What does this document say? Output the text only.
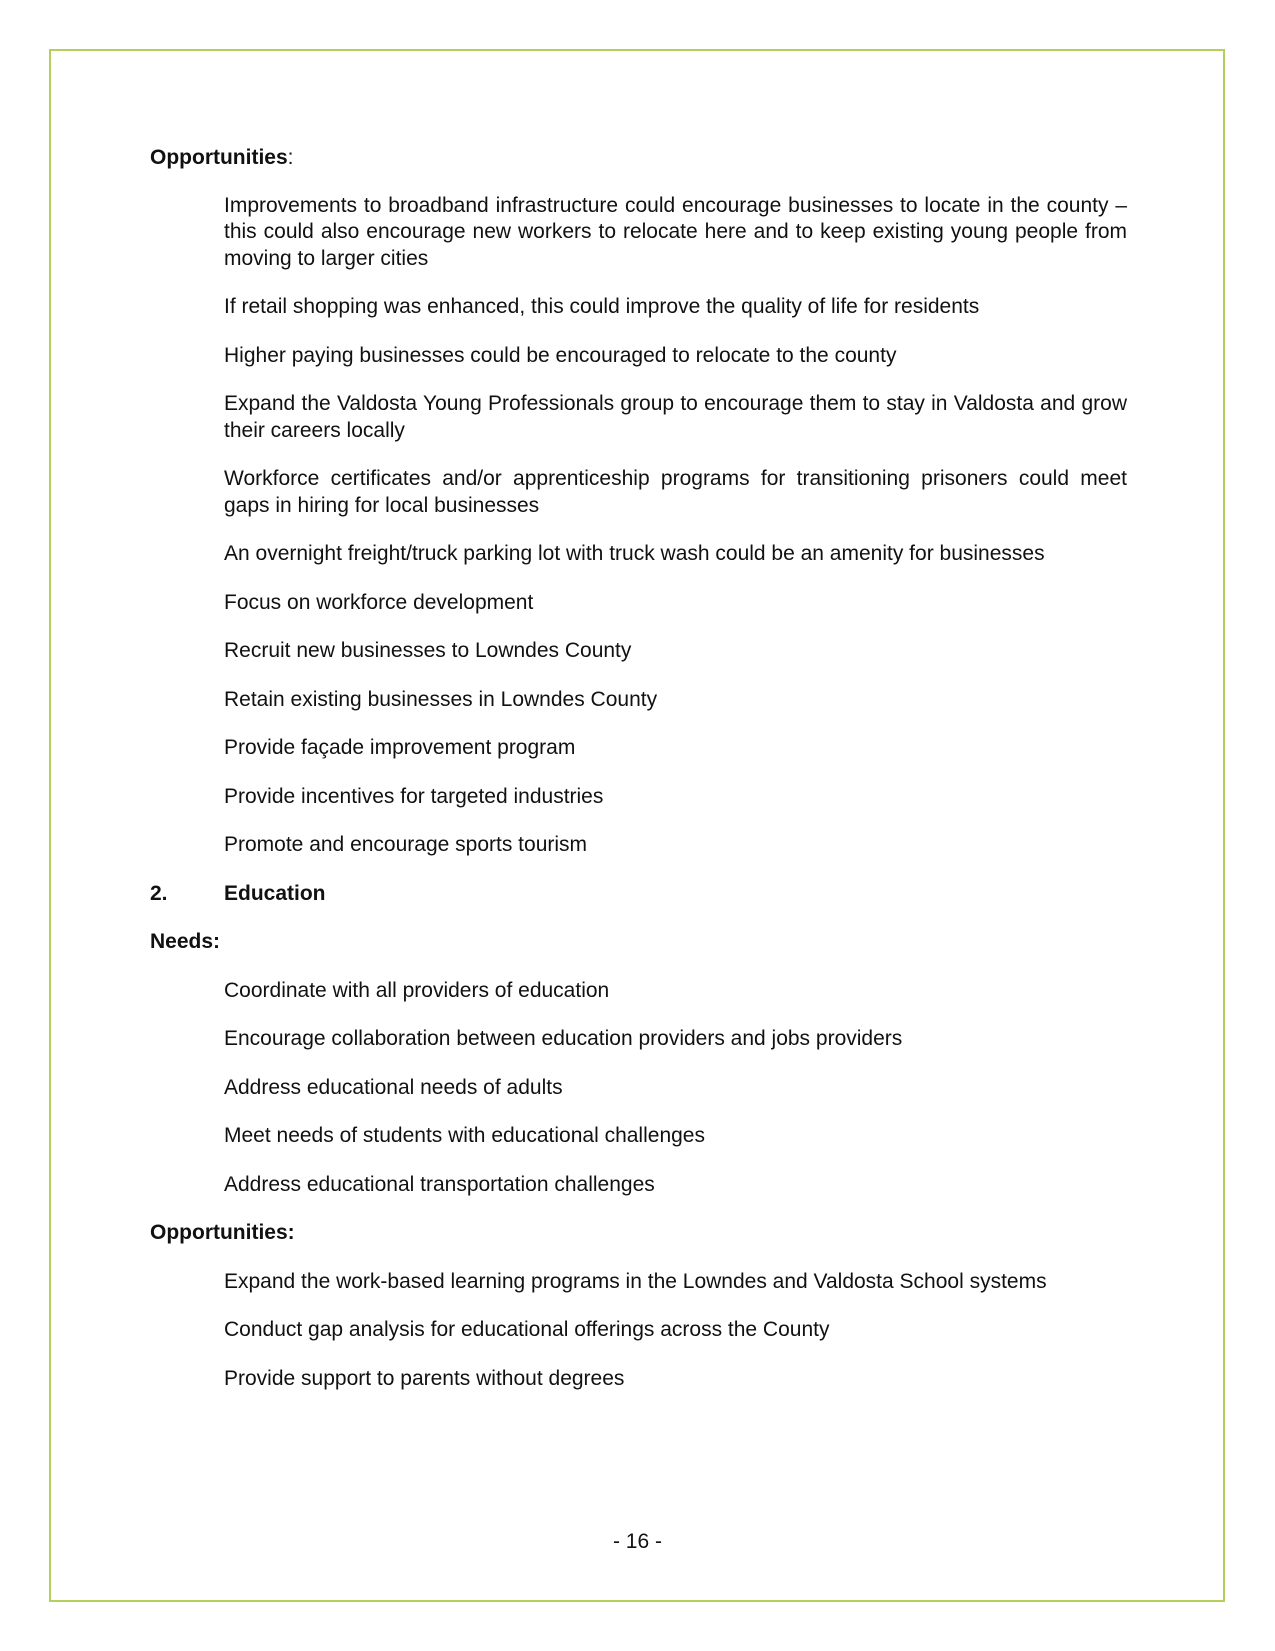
Opportunities:

Improvements to broadband infrastructure could encourage businesses to locate in the county – this could also encourage new workers to relocate here and to keep existing young people from moving to larger cities

If retail shopping was enhanced, this could improve the quality of life for residents

Higher paying businesses could be encouraged to relocate to the county

Expand the Valdosta Young Professionals group to encourage them to stay in Valdosta and grow their careers locally

Workforce certificates and/or apprenticeship programs for transitioning prisoners could meet gaps in hiring for local businesses

An overnight freight/truck parking lot with truck wash could be an amenity for businesses

Focus on workforce development

Recruit new businesses to Lowndes County

Retain existing businesses in Lowndes County

Provide façade improvement program

Provide incentives for targeted industries

Promote and encourage sports tourism

2.	Education

Needs:

Coordinate with all providers of education

Encourage collaboration between education providers and jobs providers

Address educational needs of adults

Meet needs of students with educational challenges

Address educational transportation challenges

Opportunities:

Expand the work-based learning programs in the Lowndes and Valdosta School systems

Conduct gap analysis for educational offerings across the County

Provide support to parents without degrees

- 16 -
